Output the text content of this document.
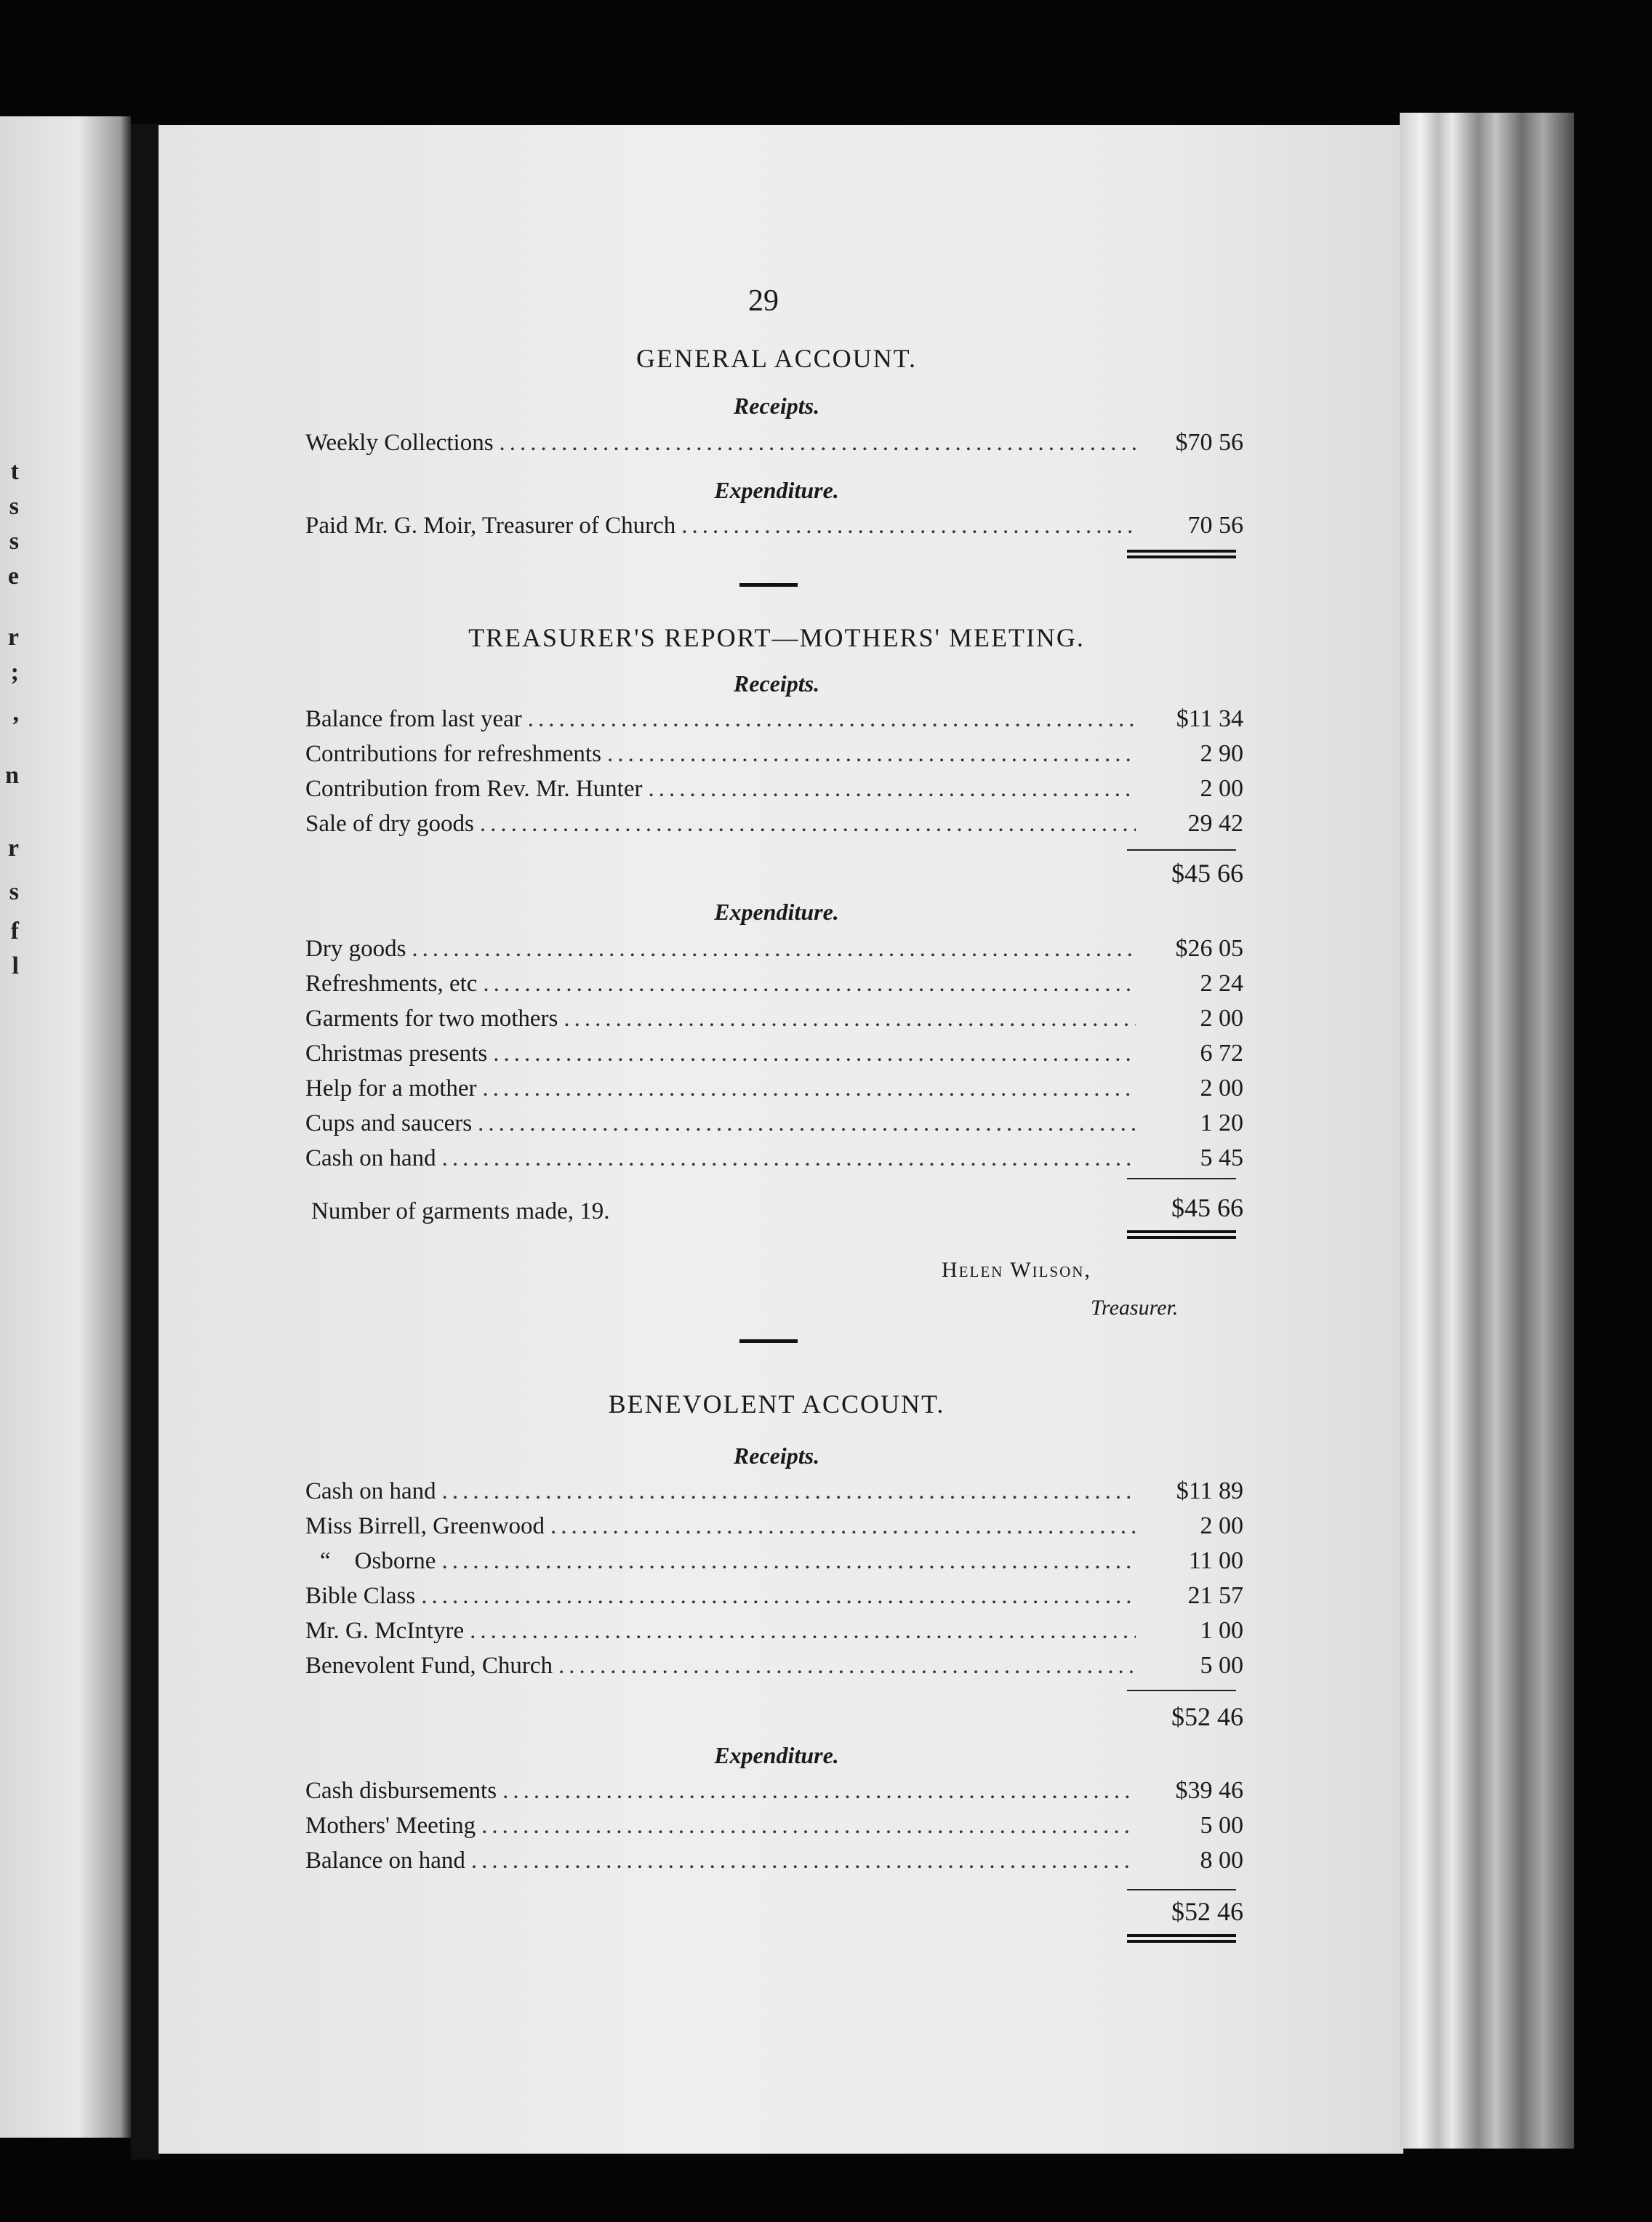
t
s
s
e
r
;
,
n
r
s
f
l
29
GENERAL ACCOUNT.
Receipts.
Weekly Collections .....	$70 56
Expenditure.
Paid Mr. G. Moir, Treasurer of Church .....	70 56
TREASURER'S REPORT—MOTHERS' MEETING.
Receipts.
Balance from last year .....	$11 34
Contributions for refreshments .....	2 90
Contribution from Rev. Mr. Hunter .....	2 00
Sale of dry goods .....	29 42
$45 66
Expenditure.
Dry goods .....	$26 05
Refreshments, etc .....	2 24
Garments for two mothers .....	2 00
Christmas presents .....	6 72
Help for a mother .....	2 00
Cups and saucers .....	1 20
Cash on hand .....	5 45
Number of garments made, 19.	$45 66
Helen Wilson,
Treasurer.
BENEVOLENT ACCOUNT.
Receipts.
Cash on hand .....	$11 89
Miss Birrell, Greenwood .....	2 00
“    Osborne .....	11 00
Bible Class .....	21 57
Mr. G. McIntyre .....	1 00
Benevolent Fund, Church .....	5 00
$52 46
Expenditure.
Cash disbursements .....	$39 46
Mothers' Meeting .....	5 00
Balance on hand .....	8 00
$52 46
